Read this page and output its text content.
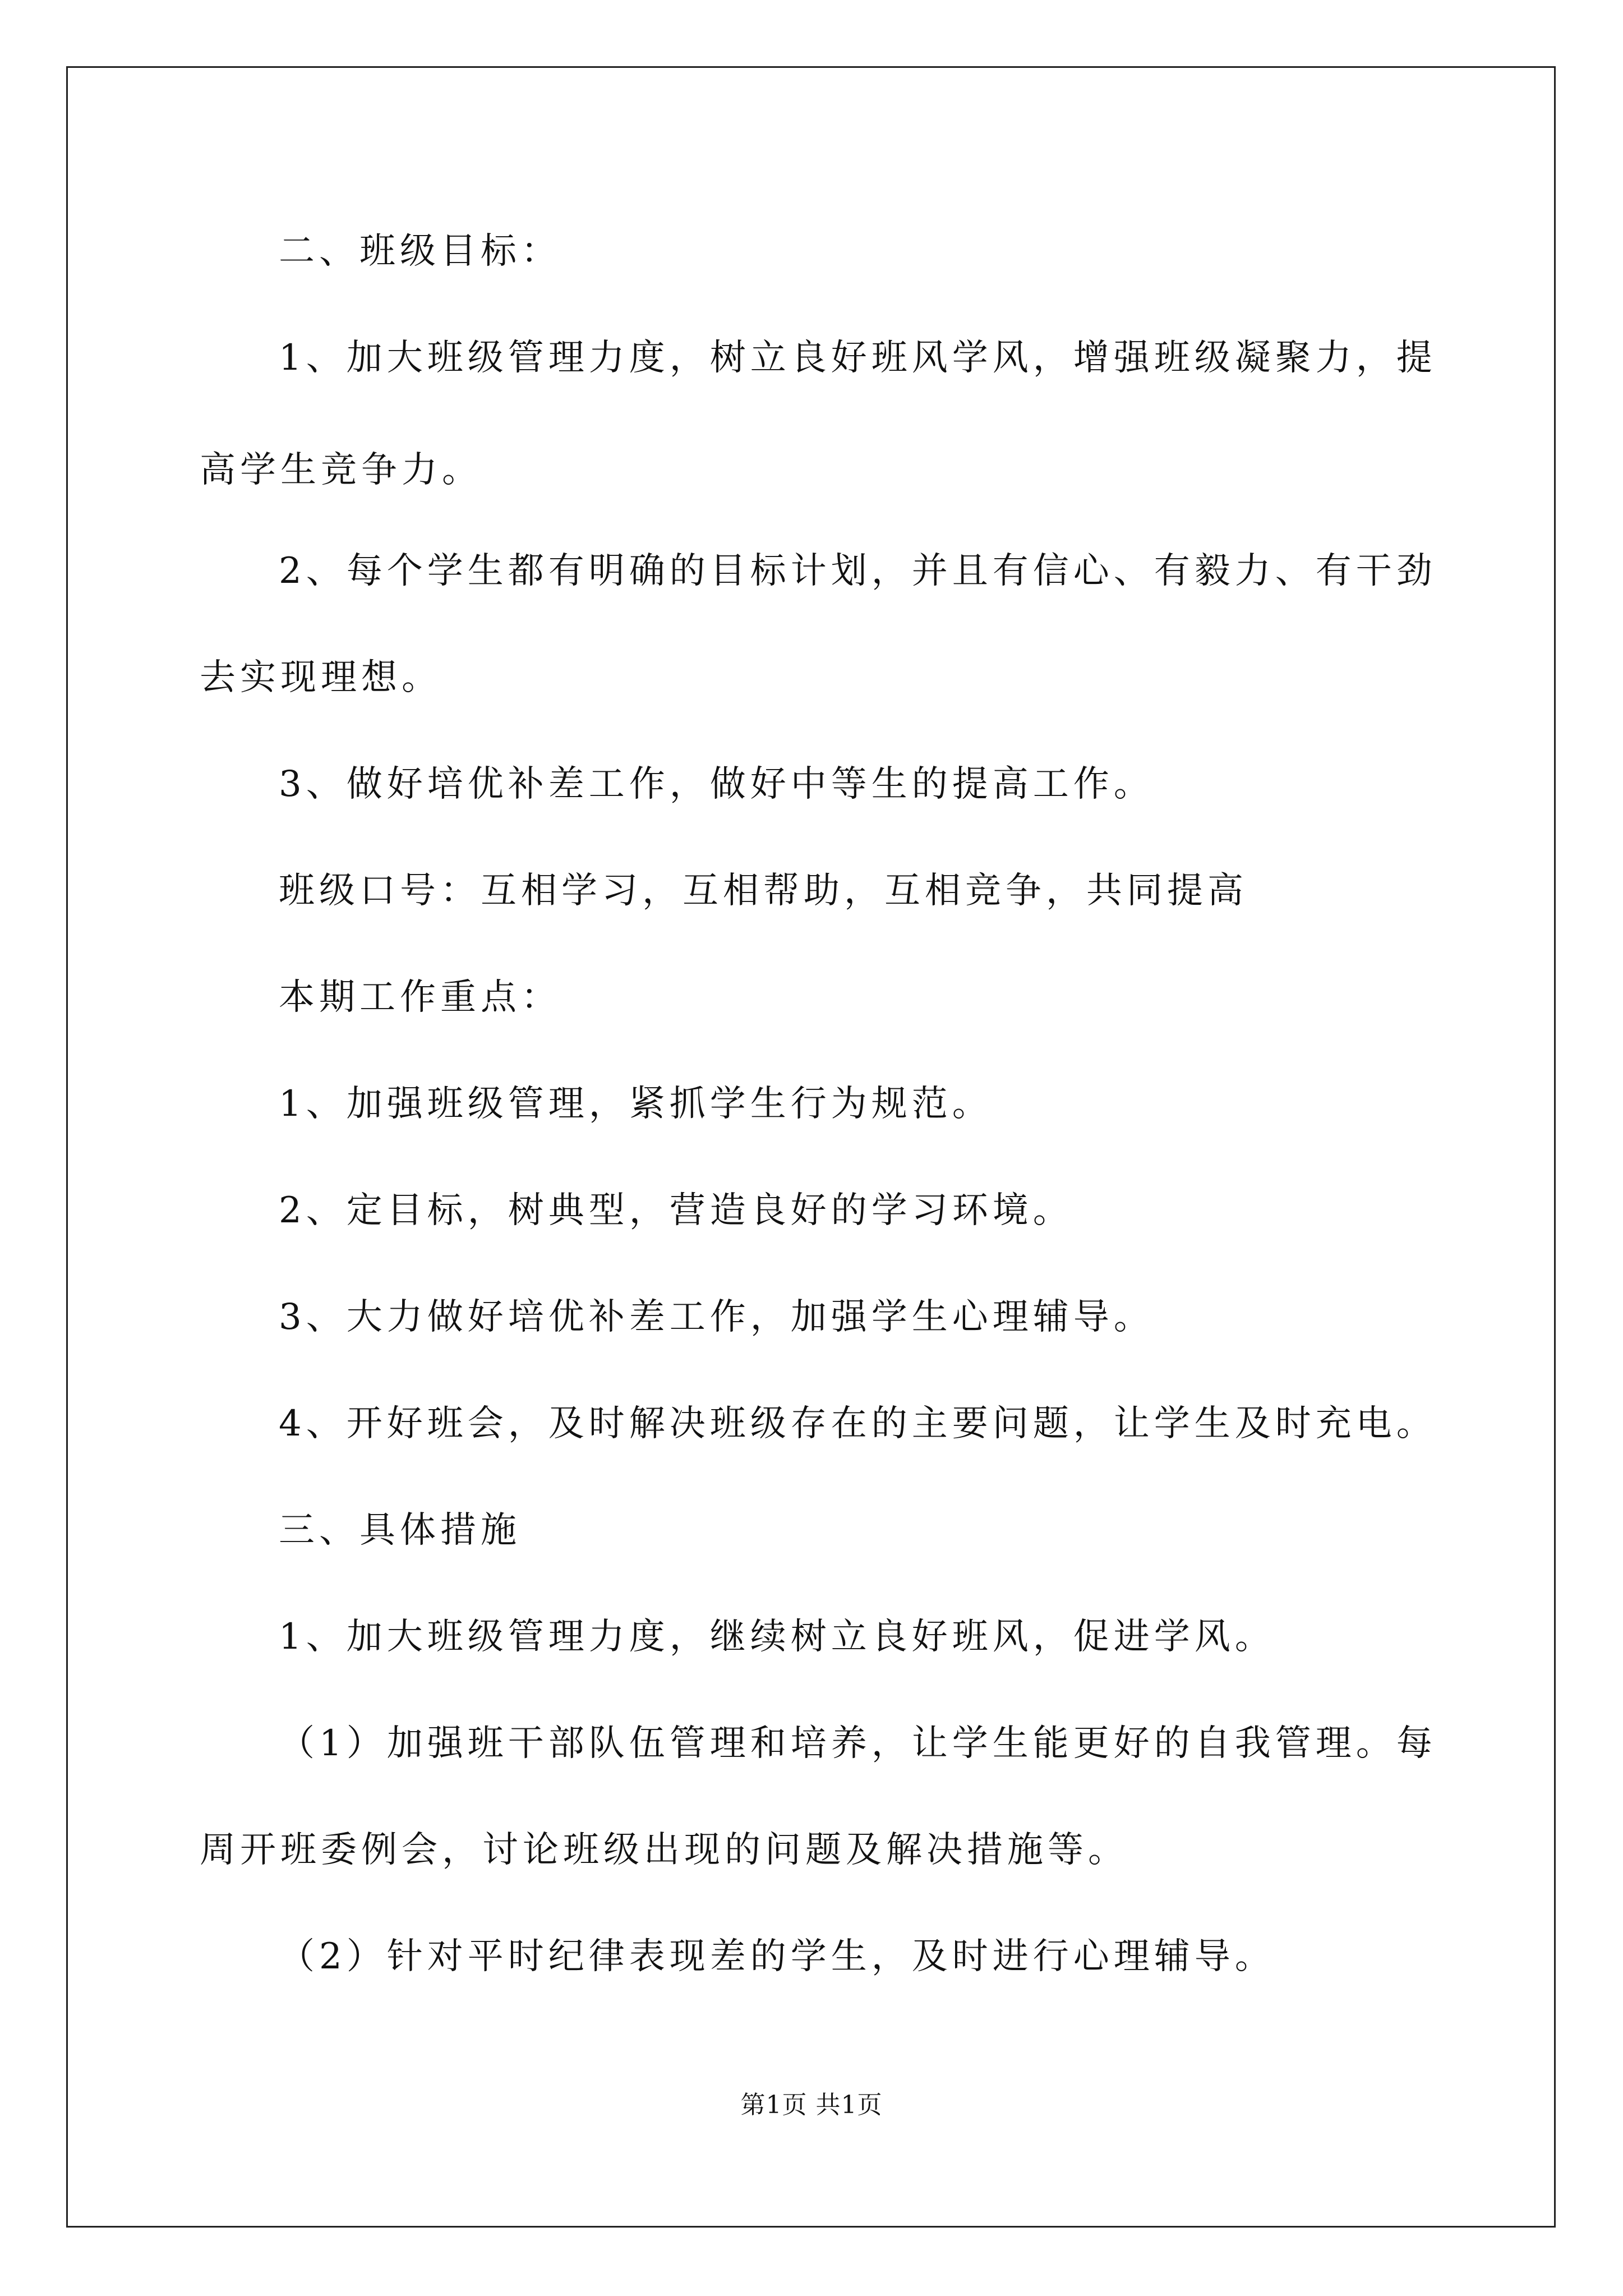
二、班级目标：
1、加大班级管理力度，树立良好班风学风，增强班级凝聚力，提
高学生竞争力。
2、每个学生都有明确的目标计划，并且有信心、有毅力、有干劲
去实现理想。
3、做好培优补差工作，做好中等生的提高工作。
班级口号：互相学习，互相帮助，互相竞争，共同提高
本期工作重点：
1、加强班级管理，紧抓学生行为规范。
2、定目标，树典型，营造良好的学习环境。
3、大力做好培优补差工作，加强学生心理辅导。
4、开好班会，及时解决班级存在的主要问题，让学生及时充电。
三、具体措施
1、加大班级管理力度，继续树立良好班风，促进学风。
（1）加强班干部队伍管理和培养，让学生能更好的自我管理。每
周开班委例会，讨论班级出现的问题及解决措施等。
（2）针对平时纪律表现差的学生，及时进行心理辅导。
第1页 共1页
